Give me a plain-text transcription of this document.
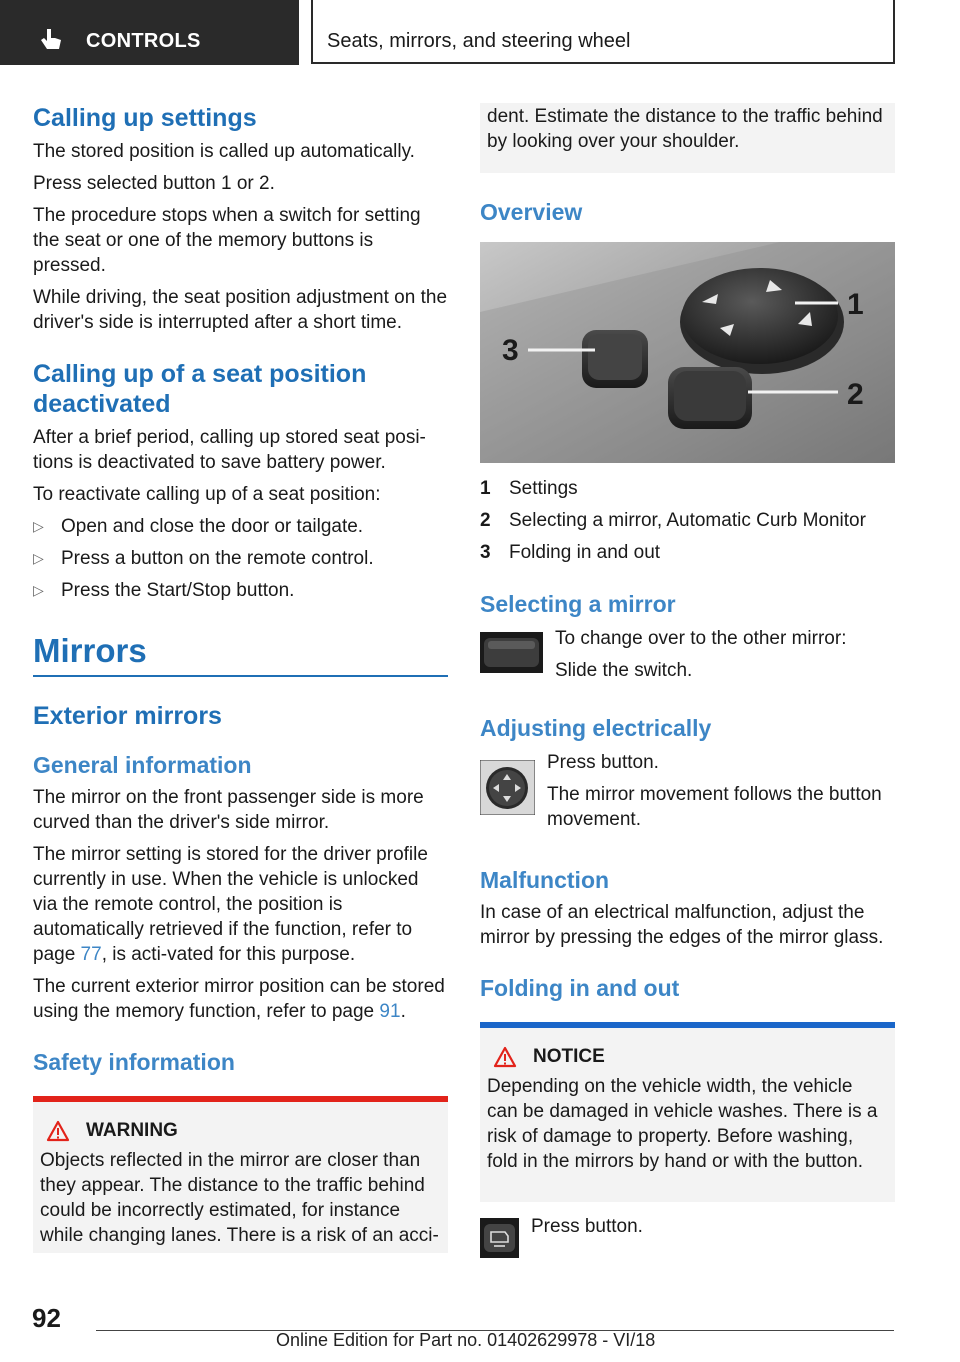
CONTROLS	Seats, mirrors, and steering wheel
Calling up settings

The stored position is called up automatically.

Press selected button 1 or 2.

The procedure stops when a switch for setting the seat or one of the memory buttons is pressed.

While driving, the seat position adjustment on the driver's side is interrupted after a short time.

Calling up of a seat position deactivated

After a brief period, calling up stored seat posi-tions is deactivated to save battery power.

To reactivate calling up of a seat position:

▷ Open and close the door or tailgate.
▷ Press a button on the remote control.
▷ Press the Start/Stop button.
Mirrors
Exterior mirrors
General information

The mirror on the front passenger side is more curved than the driver's side mirror.

The mirror setting is stored for the driver profile currently in use. When the vehicle is unlocked via the remote control, the position is automatically retrieved if the function, refer to page 77, is acti-vated for this purpose.

The current exterior mirror position can be stored using the memory function, refer to page 91.

Safety information
WARNING

Objects reflected in the mirror are closer than they appear. The distance to the traffic behind could be incorrectly estimated, for instance while changing lanes. There is a risk of an acci-

dent. Estimate the distance to the traffic behind by looking over your shoulder.

Overview
1
2
3
1 Settings
2 Selecting a mirror, Automatic Curb Monitor
3 Folding in and out
Selecting a mirror

To change over to the other mirror:

Slide the switch.

Adjusting electrically

Press button.

The mirror movement follows the button movement.

Malfunction

In case of an electrical malfunction, adjust the mirror by pressing the edges of the mirror glass.

Folding in and out
NOTICE

Depending on the vehicle width, the vehicle can be damaged in vehicle washes. There is a risk of damage to property. Before washing, fold in the mirrors by hand or with the button.

Press button.

92
Online Edition for Part no. 01402629978 - VI/18
